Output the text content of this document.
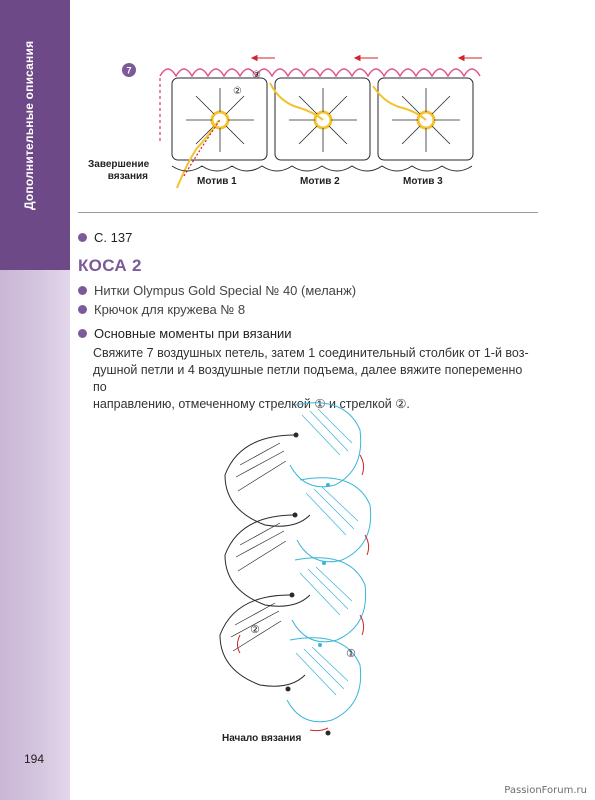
Дополнительные описания
194
7	③
②
Завершение
вязания	Мотив 1	Мотив 2	Мотив 3
С. 137
КОСА 2
Нитки Olympus Gold Special № 40 (меланж)
Крючок для кружева № 8
Основные моменты при вязании
Свяжите 7 воздушных петель, затем 1 соединительный столбик от 1-й воз-
душной петли и 4 воздушные петли подъема, далее вяжите попеременно по
направлению, отмеченному стрелкой ① и стрелкой ②.
①
②
Начало вязания
PassionForum.ru
